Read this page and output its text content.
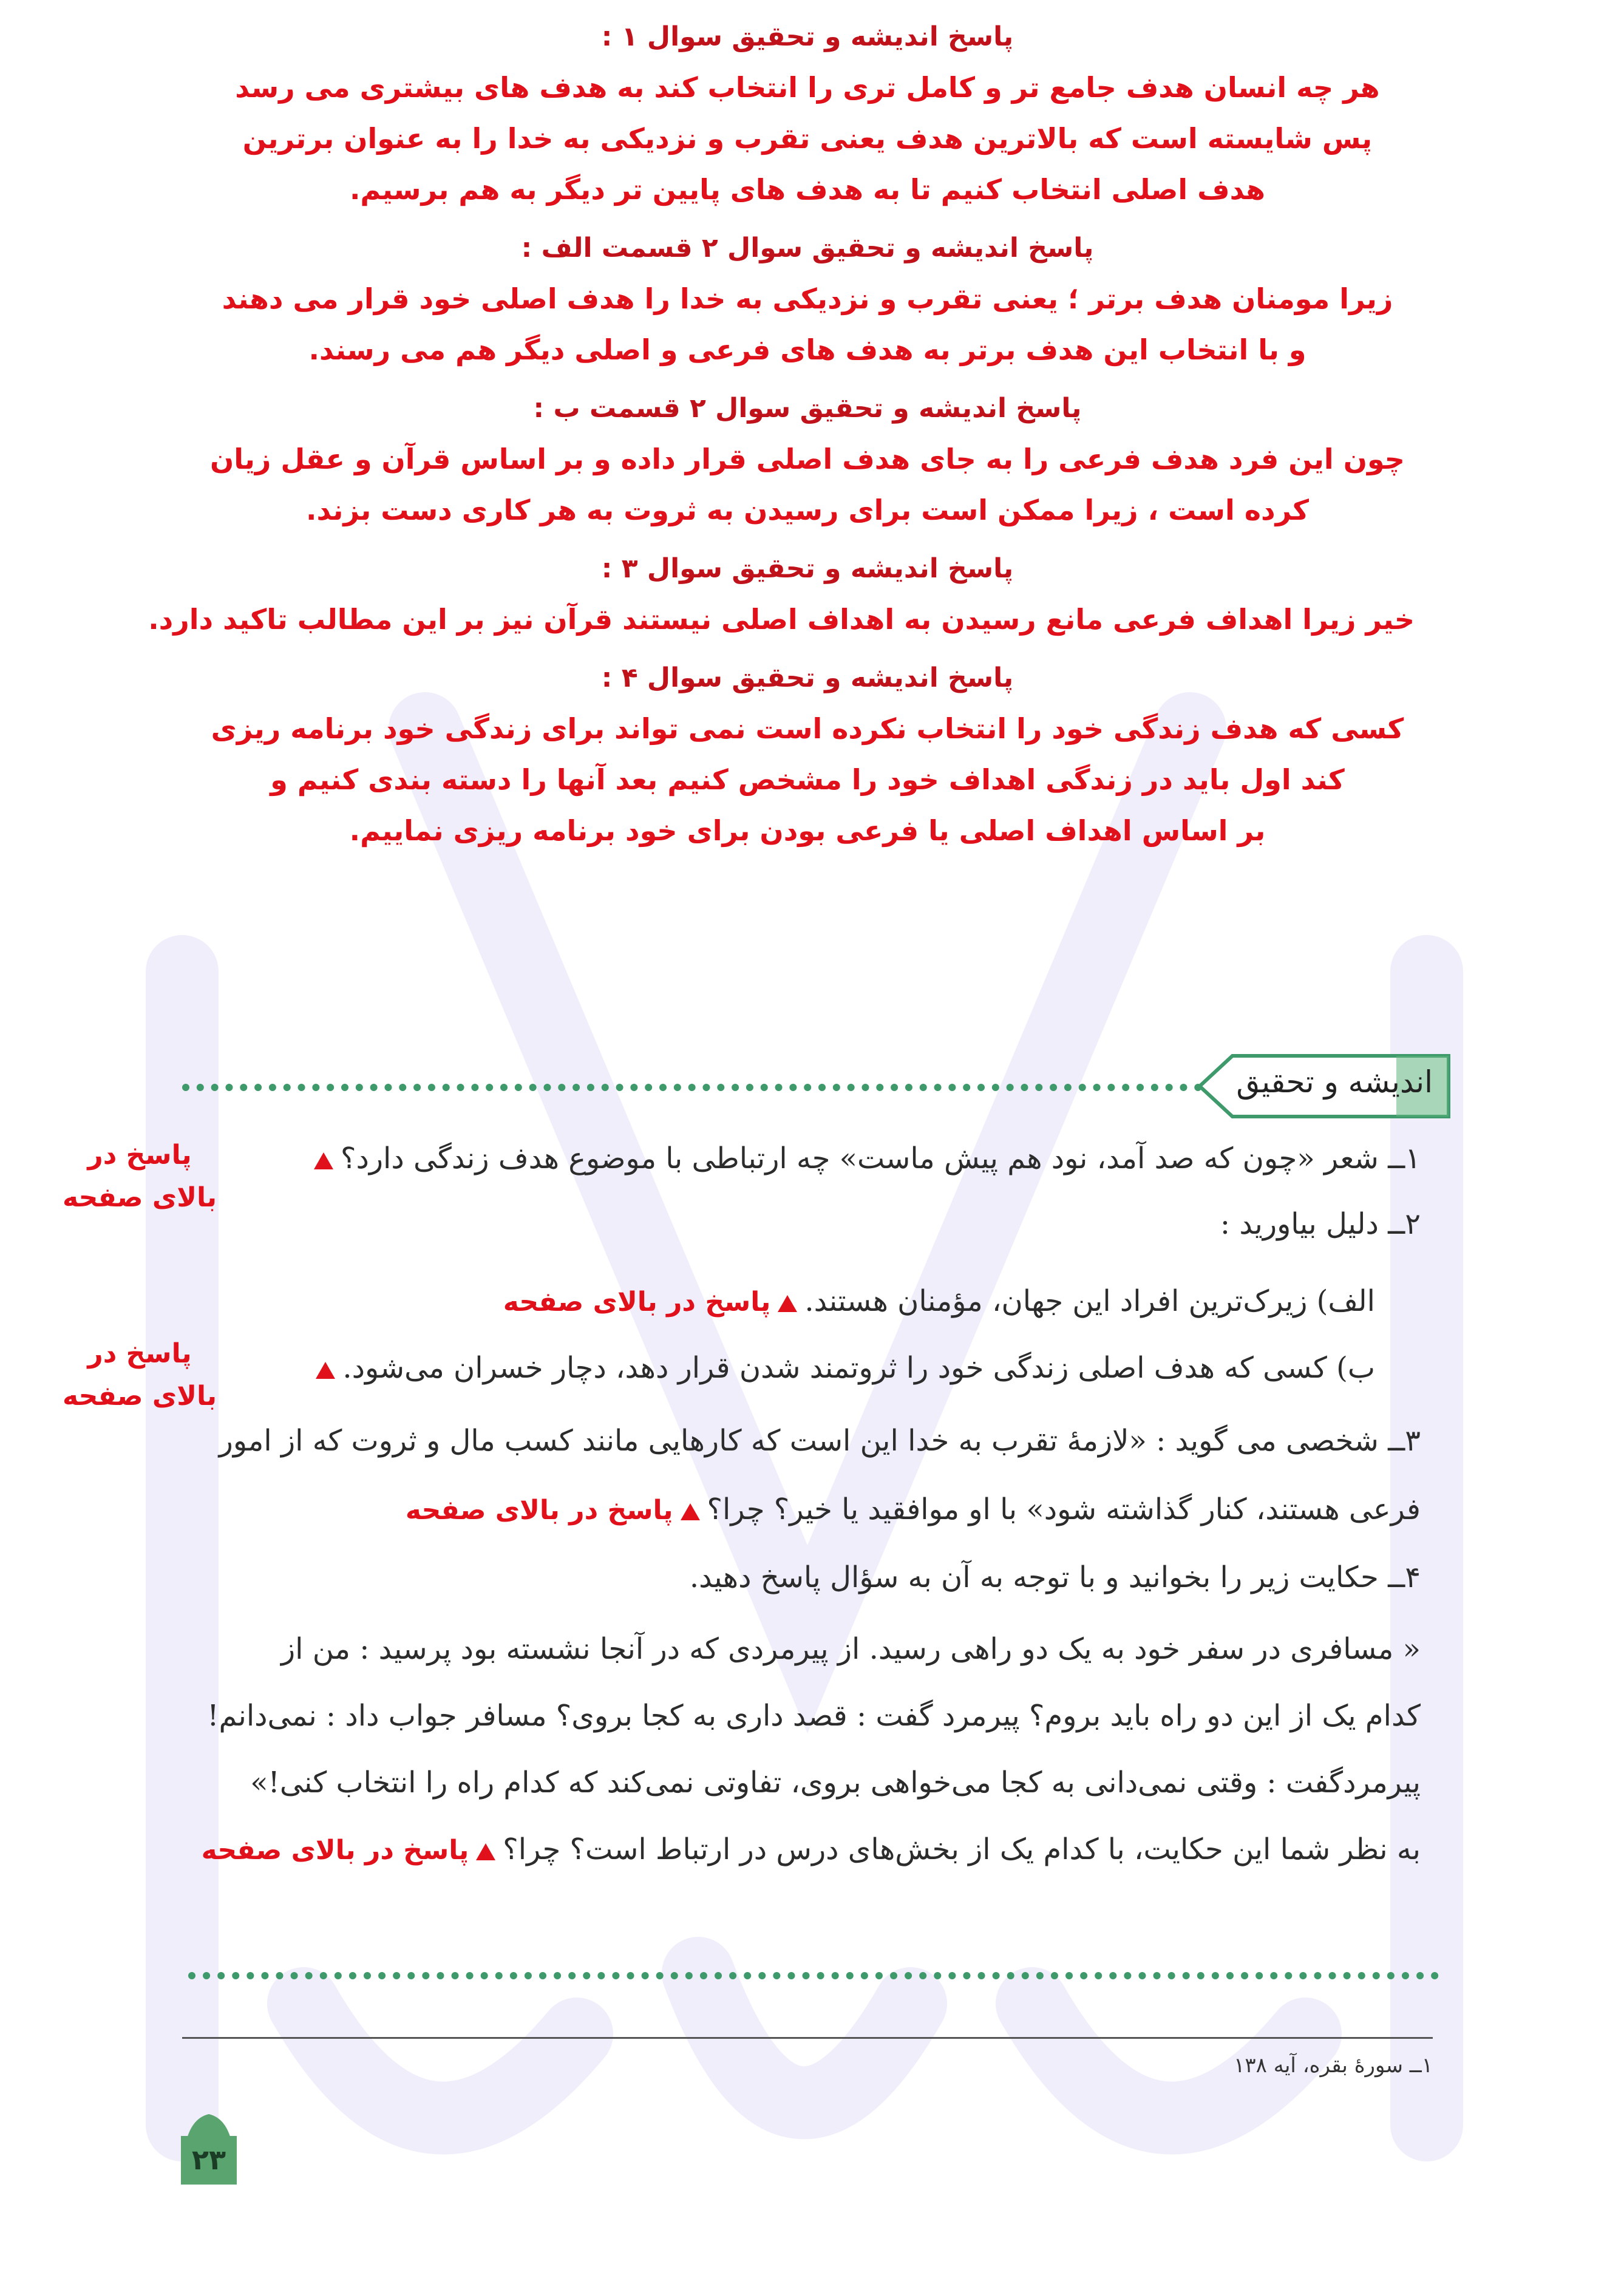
پاسخ اندیشه و تحقیق سوال ۱ :
هر چه انسان هدف جامع تر و کامل تری را انتخاب کند به هدف های بیشتری می رسد
پس شایسته است که بالاترین هدف یعنی تقرب و نزدیکی به خدا را به عنوان برترین
هدف اصلی انتخاب کنیم تا به هدف های پایین تر دیگر به هم برسیم.
پاسخ اندیشه و تحقیق سوال ۲ قسمت الف :
زیرا مومنان هدف برتر ؛ یعنی تقرب و نزدیکی به خدا را هدف اصلی خود قرار می دهند
و با انتخاب این هدف برتر به هدف های فرعی و اصلی دیگر هم می رسند.
پاسخ اندیشه و تحقیق سوال ۲ قسمت ب :
چون این فرد هدف فرعی را به جای هدف اصلی قرار داده و بر اساس قرآن و عقل زیان
کرده است ، زیرا ممکن است برای رسیدن به ثروت به هر کاری دست بزند.
پاسخ اندیشه و تحقیق سوال ۳ :
خیر زیرا اهداف فرعی مانع رسیدن به اهداف اصلی نیستند قرآن نیز بر این مطالب تاکید دارد.
پاسخ اندیشه و تحقیق سوال ۴ :
کسی که هدف زندگی خود را انتخاب نکرده است نمی تواند برای زندگی خود برنامه ریزی
کند اول باید در زندگی اهداف خود را مشخص کنیم بعد آنها را دسته بندی کنیم و
بر اساس اهداف اصلی یا فرعی بودن برای خود برنامه ریزی نماییم.
اندیشه و تحقیق
۱ــ شعر «چون که صد آمد، نود هم پیش ماست» چه ارتباطی با موضوع هدف زندگی دارد؟
پاسخ در
بالای صفحه
۲ــ دلیل بیاورید :
الف) زیرک‌ترین افراد این جهان، مؤمنان هستند.پاسخ در بالای صفحه
ب) کسی که هدف اصلی زندگی خود را ثروتمند شدن قرار دهد، دچار خسران می‌شود.
پاسخ در
بالای صفحه
۳ــ شخصی می گوید : «لازمهٔ تقرب به خدا این است که کارهایی مانند کسب مال و ثروت که از امور
فرعی هستند، کنار گذاشته شود» با او موافقید یا خیر؟ چرا؟پاسخ در بالای صفحه
۴ــ حکایت زیر را بخوانید و با توجه به آن به سؤال پاسخ دهید.
« مسافری در سفر خود به یک دو راهی رسید. از پیرمردی که در آنجا نشسته بود پرسید : من از
کدام یک از این دو راه باید بروم؟ پیرمرد گفت : قصد داری به کجا بروی؟ مسافر جواب داد : نمی‌دانم!
پیرمردگفت : وقتی نمی‌دانی به کجا می‌خواهی بروی، تفاوتی نمی‌کند که کدام راه را انتخاب کنی!»
به نظر شما این حکایت، با کدام یک از بخش‌های درس در ارتباط است؟ چرا؟پاسخ در بالای صفحه
۱ــ سورهٔ بقره، آیه ۱۳۸
۲۳
